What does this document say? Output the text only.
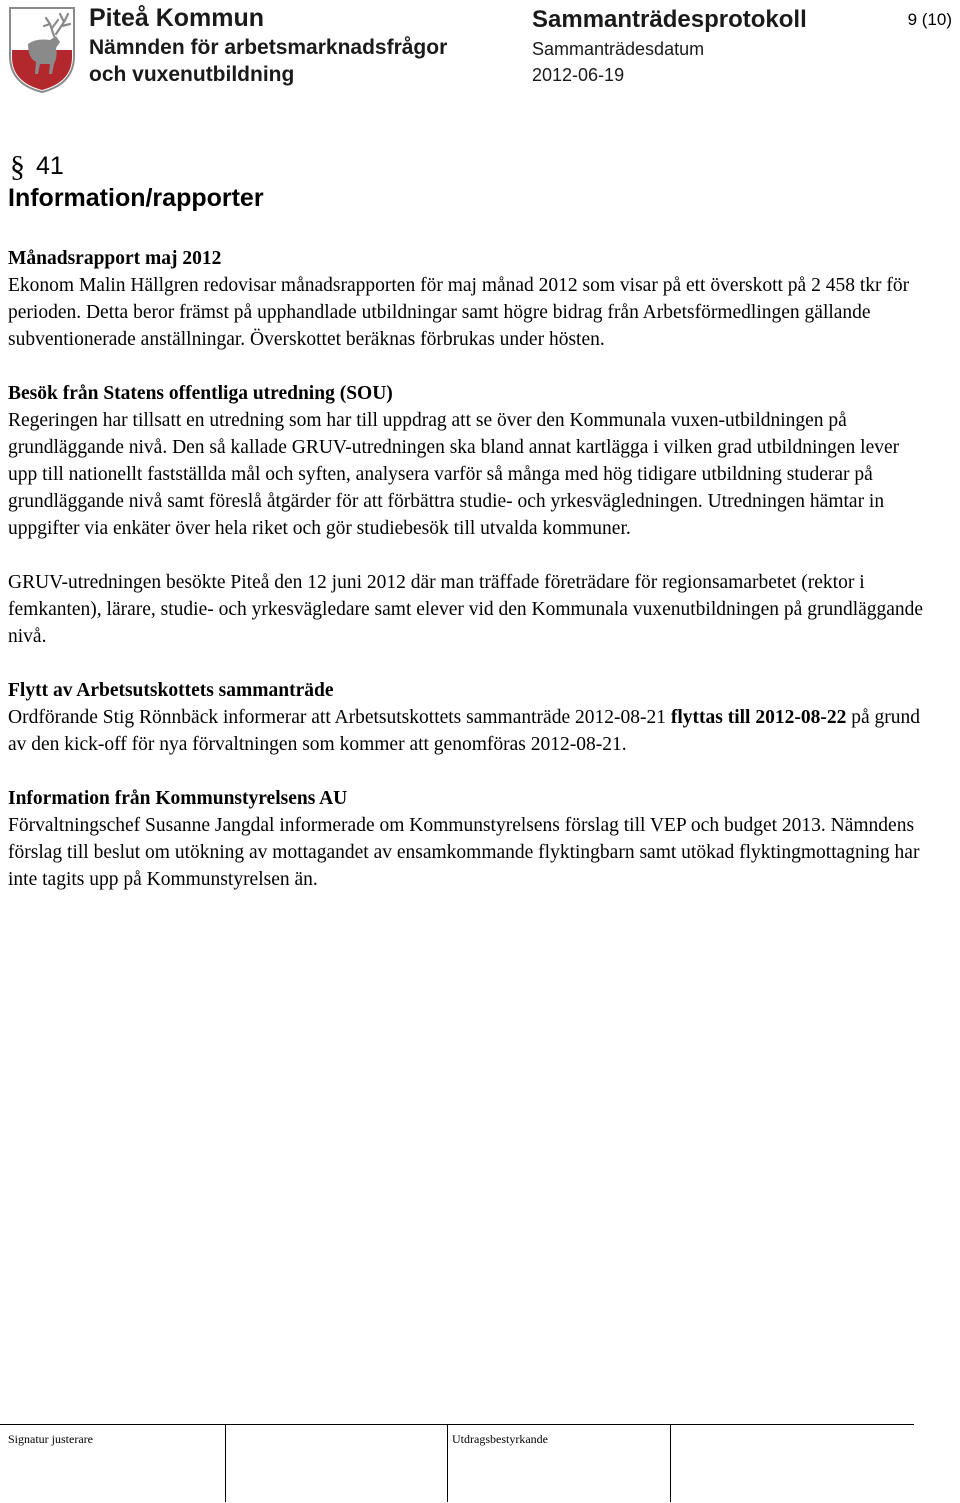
Piteå Kommun
Nämnden för arbetsmarknadsfrågor
och vuxenutbildning
Sammanträdesprotokoll
Sammanträdesdatum
2012-06-19
9 (10)
§ 41
Information/rapporter
Månadsrapport maj 2012
Ekonom Malin Hällgren redovisar månadsrapporten för maj månad 2012 som visar på ett överskott på 2 458 tkr för perioden. Detta beror främst på upphandlade utbildningar samt högre bidrag från Arbetsförmedlingen gällande subventionerade anställningar. Överskottet beräknas förbrukas under hösten.
Besök från Statens offentliga utredning (SOU)
Regeringen har tillsatt en utredning som har till uppdrag att se över den Kommunala vuxen-utbildningen på grundläggande nivå. Den så kallade GRUV-utredningen ska bland annat kartlägga i vilken grad utbildningen lever upp till nationellt fastställda mål och syften, analysera varför så många med hög tidigare utbildning studerar på grundläggande nivå samt föreslå åtgärder för att förbättra studie- och yrkesvägledningen. Utredningen hämtar in uppgifter via enkäter över hela riket och gör studiebesök till utvalda kommuner.
GRUV-utredningen besökte Piteå den 12 juni 2012 där man träffade företrädare för regionsamarbetet (rektor i femkanten), lärare, studie- och yrkesvägledare samt elever vid den Kommunala vuxenutbildningen på grundläggande nivå.
Flytt av Arbetsutskottets sammanträde
Ordförande Stig Rönnbäck informerar att Arbetsutskottets sammanträde 2012-08-21 flyttas till 2012-08-22 på grund av den kick-off för nya förvaltningen som kommer att genomföras 2012-08-21.
Information från Kommunstyrelsens AU
Förvaltningschef Susanne Jangdal informerade om Kommunstyrelsens förslag till VEP och budget 2013. Nämndens förslag till beslut om utökning av mottagandet av ensamkommande flyktingbarn samt utökad flyktingmottagning har inte tagits upp på Kommunstyrelsen än.
Signatur justerare	Utdragsbestyrkande
